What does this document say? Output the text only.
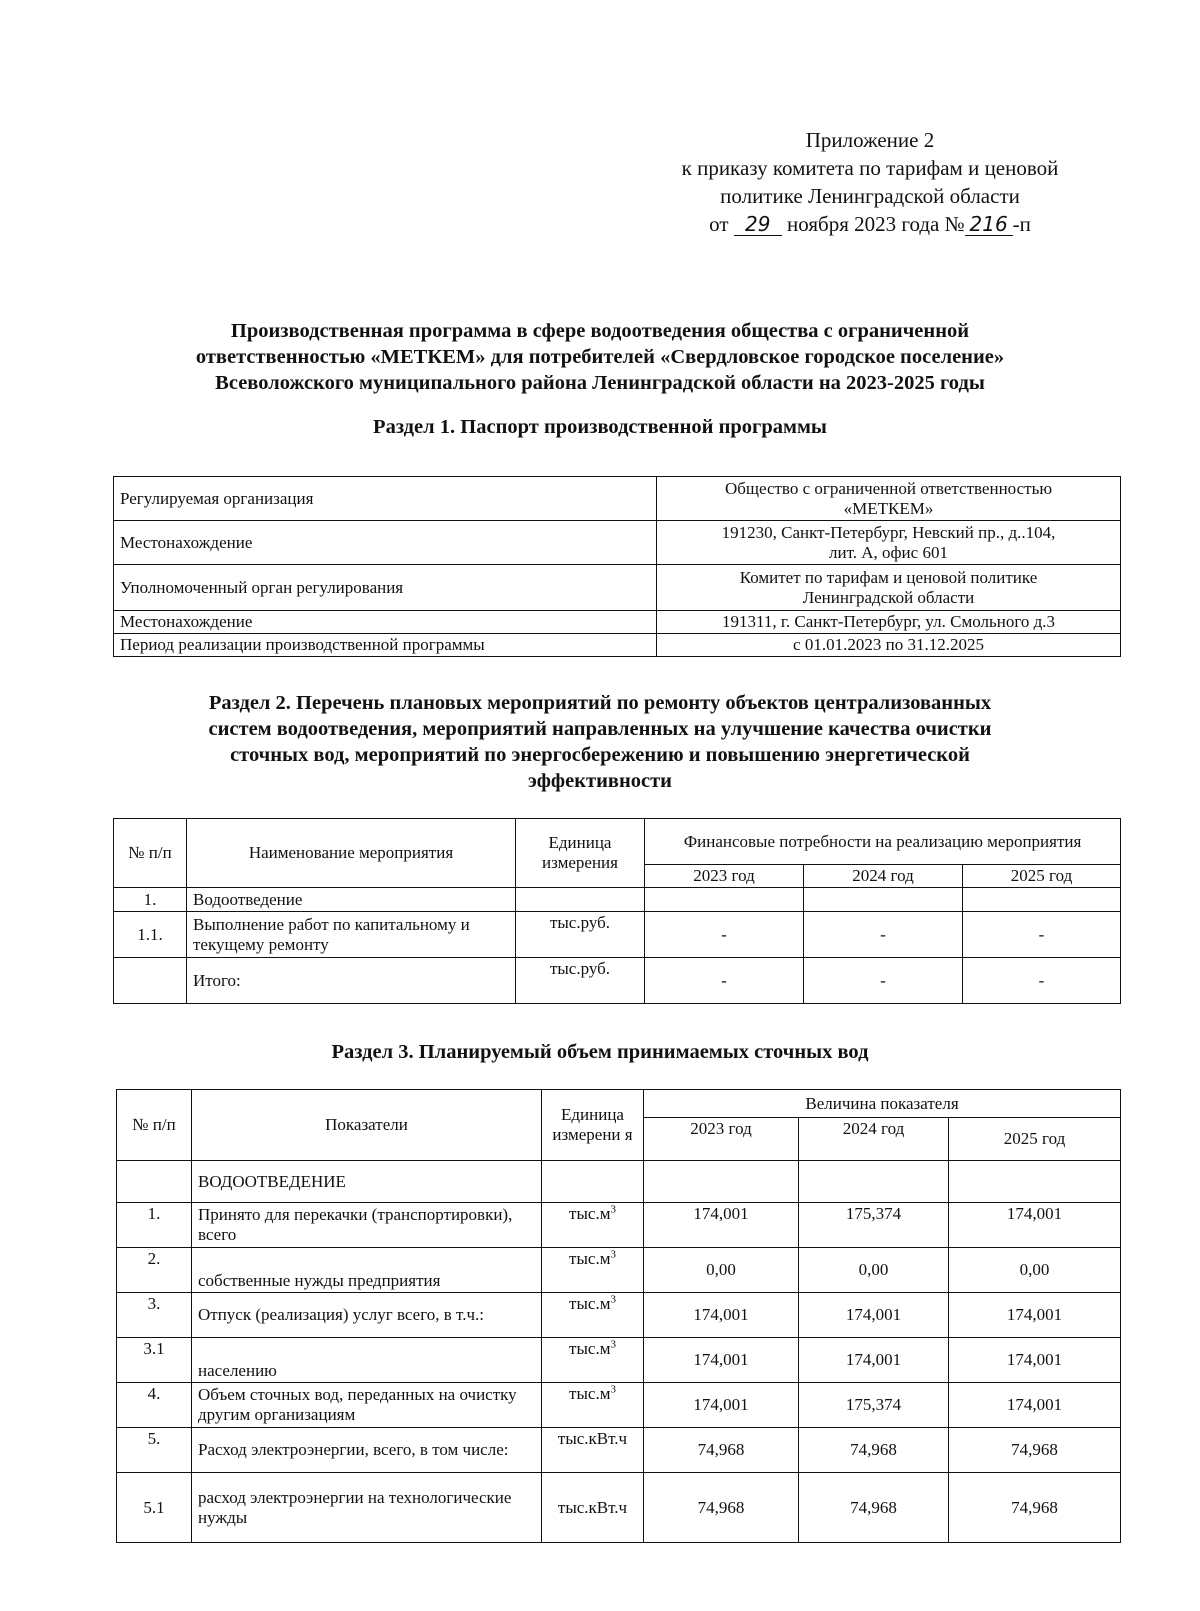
Приложение 2
к приказу комитета по тарифам и ценовой
политике Ленинградской области
от 29 ноября 2023 года № 216 -п
Производственная программа в сфере водоотведения общества с ограниченной
ответственностью «МЕТКЕМ» для потребителей «Свердловское городское поселение»
Всеволожского муниципального района Ленинградской области на 2023-2025 годы
Раздел 1. Паспорт производственной программы
Регулируемая организация	Общество с ограниченной ответственностью
«МЕТКЕМ»

Местонахождение	191230, Санкт-Петербург, Невский пр., д..104,
лит. А, офис 601

Уполномоченный орган регулирования	Комитет по тарифам и ценовой политике
Ленинградской области

Местонахождение	191311, г. Санкт-Петербург, ул. Смольного д.3
Период реализации производственной программы	с 01.01.2023 по 31.12.2025
Раздел 2. Перечень плановых мероприятий по ремонту объектов централизованных
систем водоотведения, мероприятий направленных на улучшение качества очистки
сточных вод, мероприятий по энергосбережению и повышению энергетической
эффективности
№ п/п	Наименование мероприятия	Единица измерения	Финансовые потребности на реализацию мероприятия		
			2023 год	2024 год	2025 год
1.	Водоотведение				
1.1.	Выполнение работ по капитальному и текущему ремонту	тыс.руб.	-	-	-
	Итого:	тыс.руб.	-	-	-
Раздел 3. Планируемый объем принимаемых сточных вод
№ п/п	Показатели	Единица измерени я	Величина показателя		
			2023 год	2024 год	2025 год
	ВОДООТВЕДЕНИЕ				
1.	Принято для перекачки (транспортировки), всего	$тыс.м^3$	174,001	175,374	174,001
2.	собственные нужды предприятия	$тыс.м^3$	0,00	0,00	0,00
3.	Отпуск (реализация) услуг всего, в т.ч.:	$тыс.м^3$	174,001	174,001	174,001
3.1	населению	$тыс.м^3$	174,001	174,001	174,001
4.	Объем сточных вод, переданных на очистку другим организациям	$тыс.м^3$	174,001	175,374	174,001
5.	Расход электроэнергии, всего, в том числе:	тыс.кВт.ч	74,968	74,968	74,968
5.1	расход электроэнергии на технологические нужды	тыс.кВт.ч	74,968	74,968	74,968
